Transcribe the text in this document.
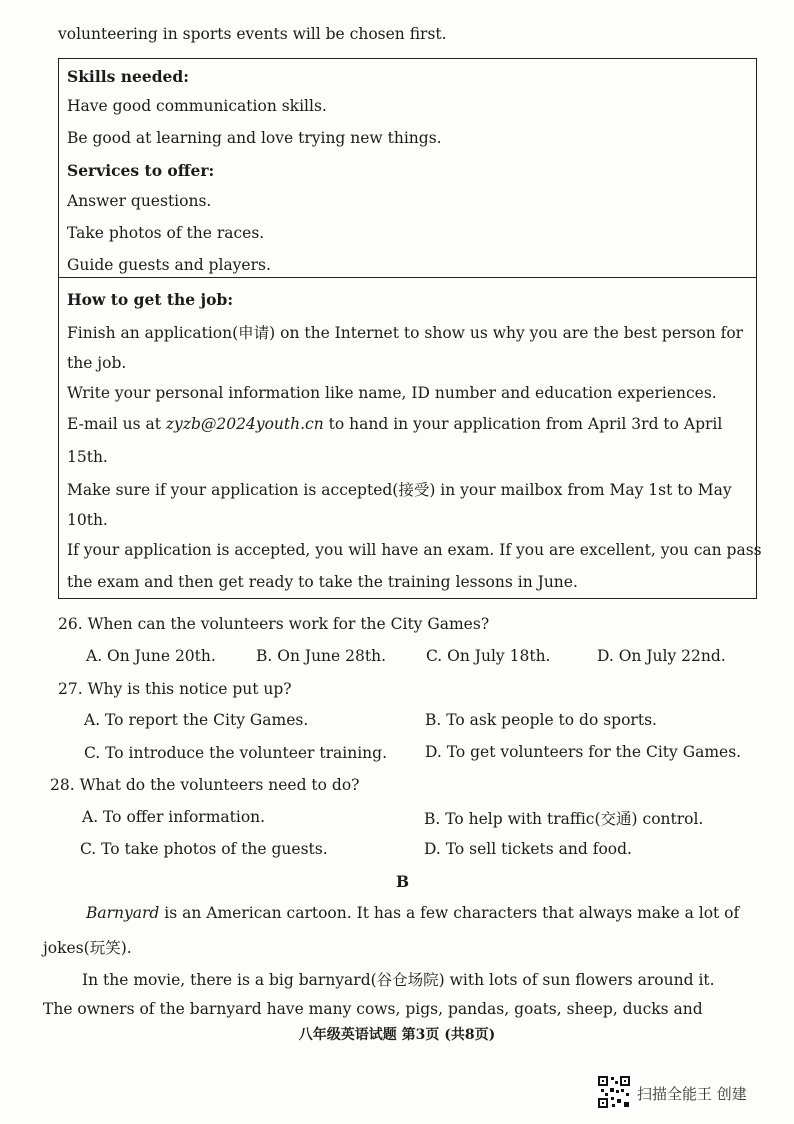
volunteering in sports events will be chosen first.
Skills needed:
Have good communication skills.
Be good at learning and love trying new things.
Services to offer:
Answer questions.
Take photos of the races.
Guide guests and players.
How to get the job:
Finish an application(申请) on the Internet to show us why you are the best person for
the job.
Write your personal information like name, ID number and education experiences.
E-mail us at zyzb@2024youth.cn to hand in your application from April 3rd to April
15th.
Make sure if your application is accepted(接受) in your mailbox from May 1st to May
10th.
If your application is accepted, you will have an exam. If you are excellent, you can pass
the exam and then get ready to take the training lessons in June.
26. When can the volunteers work for the City Games?
A. On June 20th.	B. On June 28th.	C. On July 18th.	D. On July 22nd.
27. Why is this notice put up?
A. To report the City Games.	B. To ask people to do sports.
C. To introduce the volunteer training. D. To get volunteers for the City Games.
28. What do the volunteers need to do?
A. To offer information.	B. To help with traffic(交通) control.
C. To take photos of the guests.	D. To sell tickets and food.
B
Barnyard is an American cartoon. It has a few characters that always make a lot of
jokes(玩笑).
In the movie, there is a big barnyard(谷仓场院) with lots of sun flowers around it.
The owners of the barnyard have many cows, pigs, pandas, goats, sheep, ducks and
八年级英语试题 第3页 (共8页)
扫描全能王 创建
